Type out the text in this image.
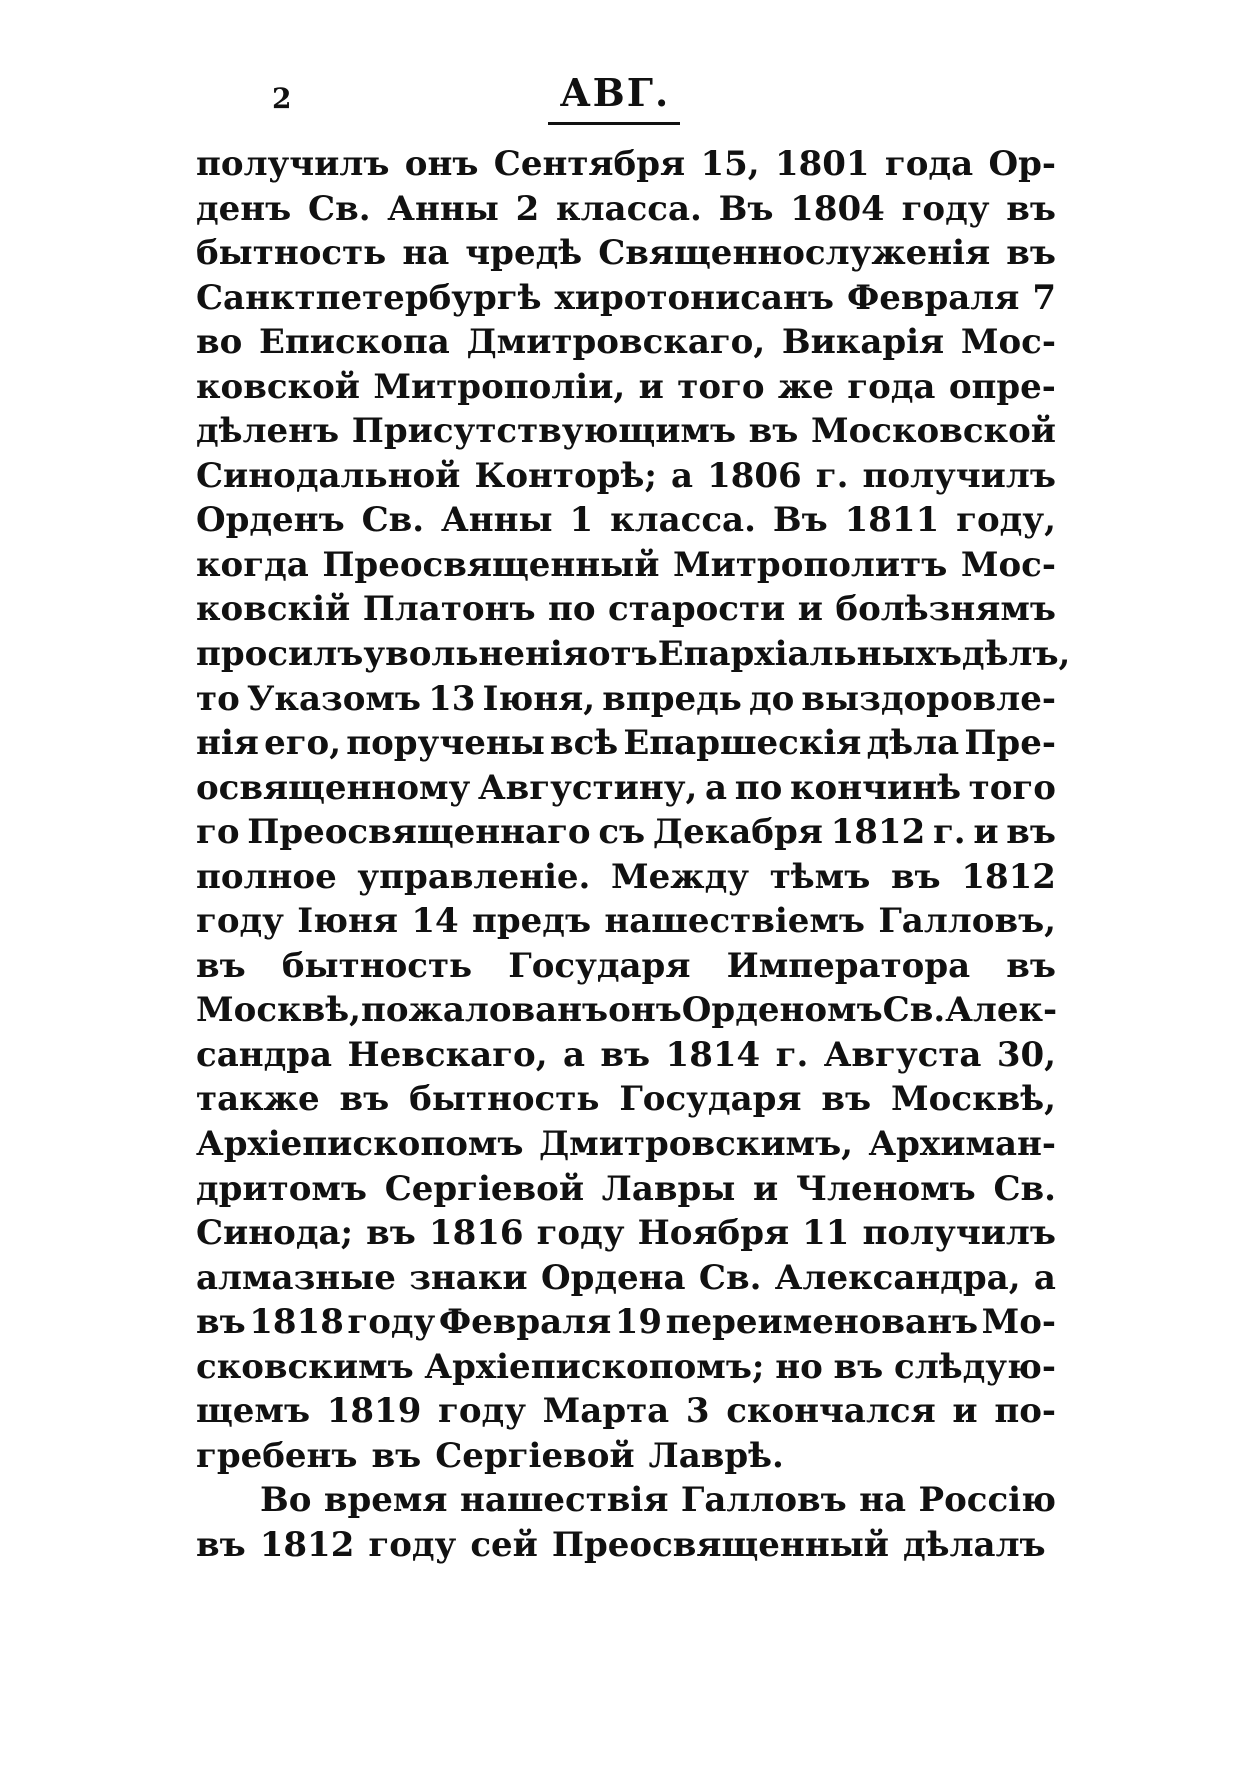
2	АВГ.
получилъ онъ Сентября 15, 1801 года Ор-
денъ Св. Анны 2 класса. Въ 1804 году въ
бытность на чредѣ Священнослуженія въ
Санктпетербургѣ хиротонисанъ Февраля 7
во Епископа Дмитровскаго, Викарія Мос-
ковской Митрополіи, и того же года опре-
дѣленъ Присутствующимъ въ Московской
Синодальной Конторѣ; а 1806 г. получилъ
Орденъ Св. Анны 1 класса. Въ 1811 году,
когда Преосвященный Митрополитъ Мос-
ковскій Платонъ по старости и болѣзнямъ
просилъ увольненія отъ Епархіальныхъ дѣлъ,
то Указомъ 13 Іюня, впредь до выздоровле-
нія его, поручены всѣ Епаршескія дѣла Пре-
освященному Августину, а по кончинѣ того
го Преосвященнаго съ Декабря 1812 г. и въ
полное управленіе. Между тѣмъ въ 1812
году Іюня 14 предъ нашествіемъ Галловъ,
въ бытность Государя Императора въ
Москвѣ, пожалованъ онъ Орденомъ Св. Алек-
сандра Невскаго, а въ 1814 г. Августа 30,
также въ бытность Государя въ Москвѣ,
Архіепископомъ Дмитровскимъ, Архиман-
дритомъ Сергіевой Лавры и Членомъ Св.
Синода; въ 1816 году Ноября 11 получилъ
алмазные знаки Ордена Св. Александра, а
въ 1818 году Февраля 19 переименованъ Мо-
сковскимъ Архіепископомъ; но въ слѣдую-
щемъ 1819 году Марта 3 скончался и по-
гребенъ въ Сергіевой Лаврѣ.
Во время нашествія Галловъ на Россію
въ 1812 году сей Преосвященный дѣлалъ
